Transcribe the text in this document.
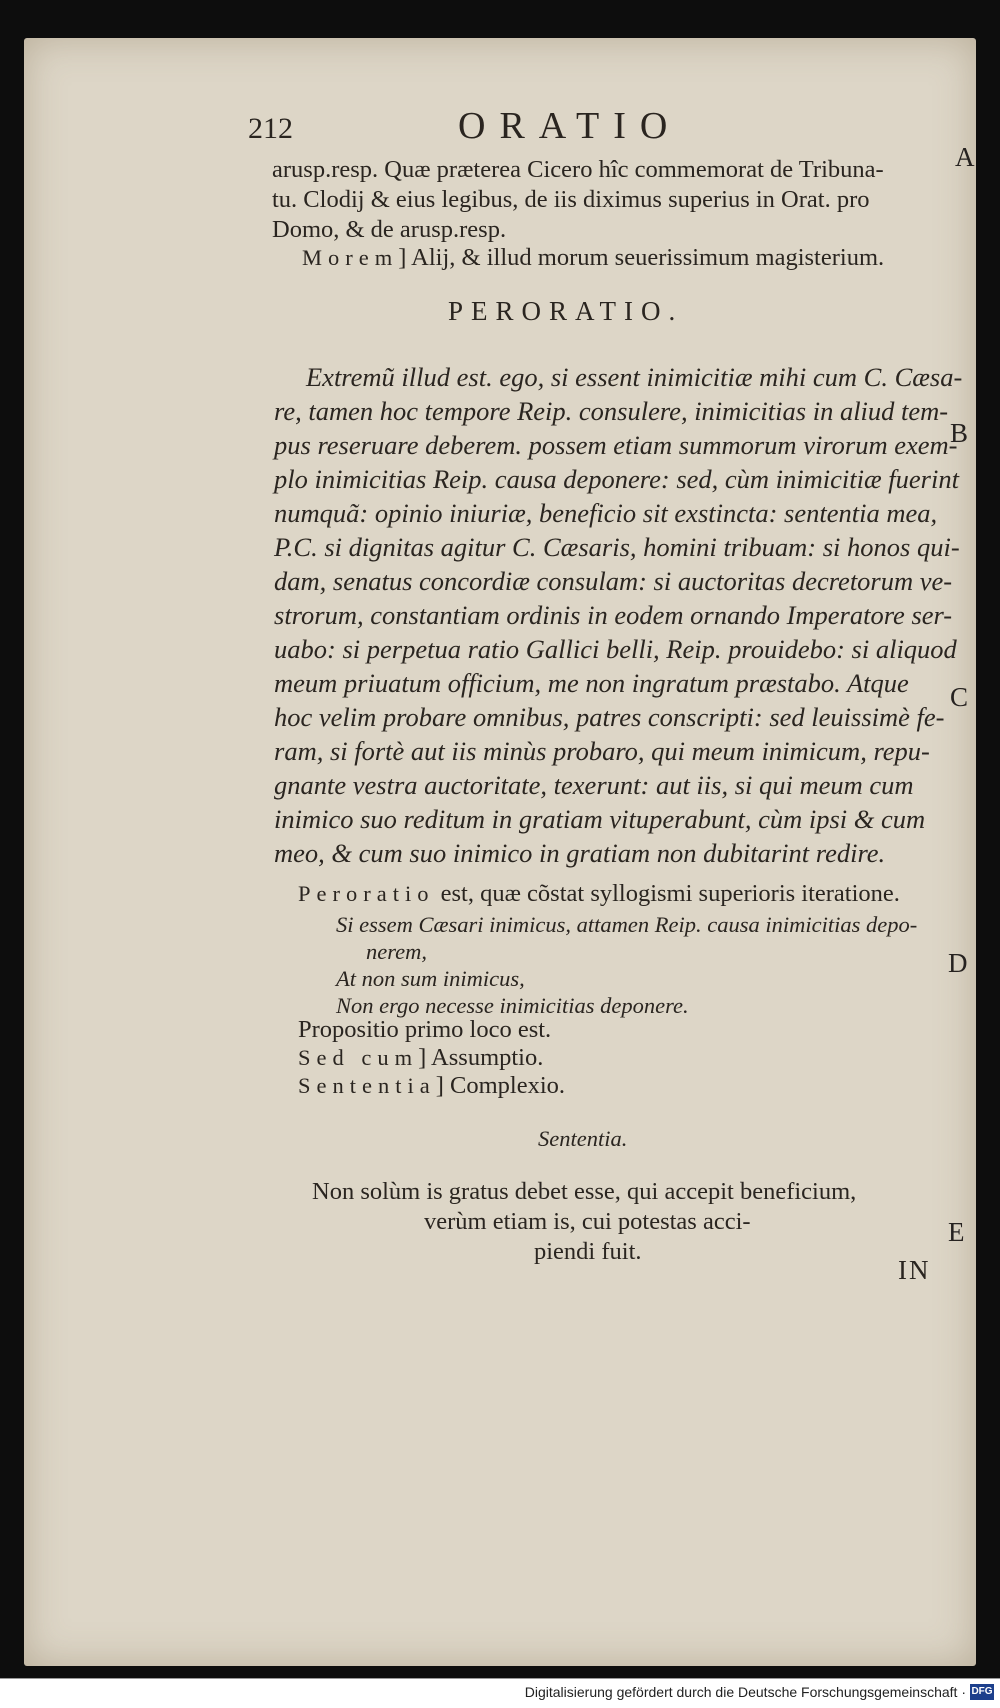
212	ORATIO
A
B
C
D
E
arusp.resp. Quæ præterea Cicero hîc commemorat de Tribuna-
tu. Clodij & eius legibus, de iis diximus superius in Orat. pro
Domo, & de arusp.resp.
Morem] Alij, & illud morum seuerissimum magisterium.
PERORATIO.
Extremũ illud est. ego, si essent inimicitiæ mihi cum C. Cæsa-
re, tamen hoc tempore Reip. consulere, inimicitias in aliud tem-
pus reseruare deberem. possem etiam summorum virorum exem-
plo inimicitias Reip. causa deponere: sed, cùm inimicitiæ fuerint
numquã: opinio iniuriæ, beneficio sit exstincta: sententia mea,
P.C. si dignitas agitur C. Cæsaris, homini tribuam: si honos qui-
dam, senatus concordiæ consulam: si auctoritas decretorum ve-
strorum, constantiam ordinis in eodem ornando Imperatore ser-
uabo: si perpetua ratio Gallici belli, Reip. prouidebo: si aliquod
meum priuatum officium, me non ingratum præstabo. Atque
hoc velim probare omnibus, patres conscripti: sed leuissimè fe-
ram, si fortè aut iis minùs probaro, qui meum inimicum, repu-
gnante vestra auctoritate, texerunt: aut iis, si qui meum cum
inimico suo reditum in gratiam vituperabunt, cùm ipsi & cum
meo, & cum suo inimico in gratiam non dubitarint redire.
Peroratio est, quæ cõstat syllogismi superioris iteratione.
Si essem Cæsari inimicus, attamen Reip. causa inimicitias depo-
nerem,
At non sum inimicus,
Non ergo necesse inimicitias deponere.
Propositio primo loco est.
Sed cum] Assumptio.
Sententia] Complexio.
Sententia.
Non solùm is gratus debet esse, qui accepit beneficium,
verùm etiam is, cui potestas acci-
piendi fuit.
IN
Digitalisierung gefördert durch die Deutsche Forschungsgemeinschaft · DFG
